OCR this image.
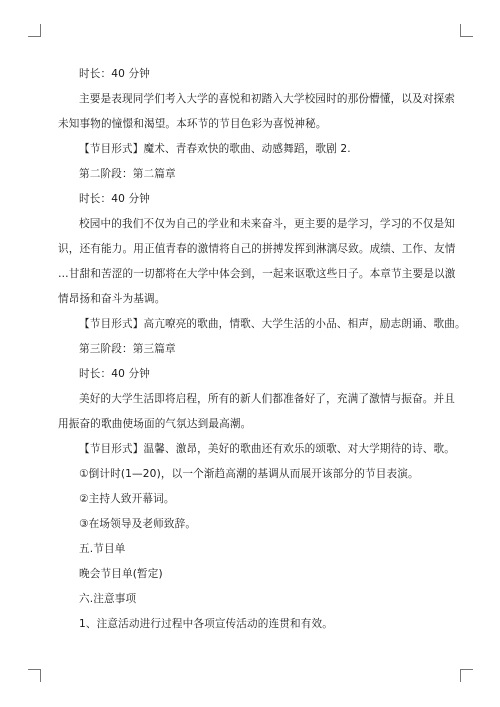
时长：40 分钟

主要是表现同学们考入大学的喜悦和初踏入大学校园时的那份懵懂，以及对探索

未知事物的憧憬和渴望。本环节的节目色彩为喜悦神秘。

【节目形式】魔术、青春欢快的歌曲、动感舞蹈，歌剧 2.

第二阶段：第二篇章

时长：40 分钟

校园中的我们不仅为自己的学业和未来奋斗，更主要的是学习，学习的不仅是知

识，还有能力。用正值青春的激情将自己的拼搏发挥到淋漓尽致。成绩、工作、友情

…甘甜和苦涩的一切都将在大学中体会到，一起来讴歌这些日子。本章节主要是以激

情昂扬和奋斗为基调。

【节目形式】高亢嘹亮的歌曲，情歌、大学生活的小品、相声，励志朗诵、歌曲。

第三阶段：第三篇章

时长：40 分钟

美好的大学生活即将启程，所有的新人们都准备好了，充满了激情与振奋。并且

用振奋的歌曲使场面的气氛达到最高潮。

【节目形式】温馨、激昂，美好的歌曲还有欢乐的颂歌、对大学期待的诗、歌。

①倒计时(1—20)，以一个渐趋高潮的基调从而展开该部分的节目表演。

②主持人致开幕词。

③在场领导及老师致辞。

五.节目单

晚会节目单(暂定)

六.注意事项

1、注意活动进行过程中各项宣传活动的连贯和有效。
